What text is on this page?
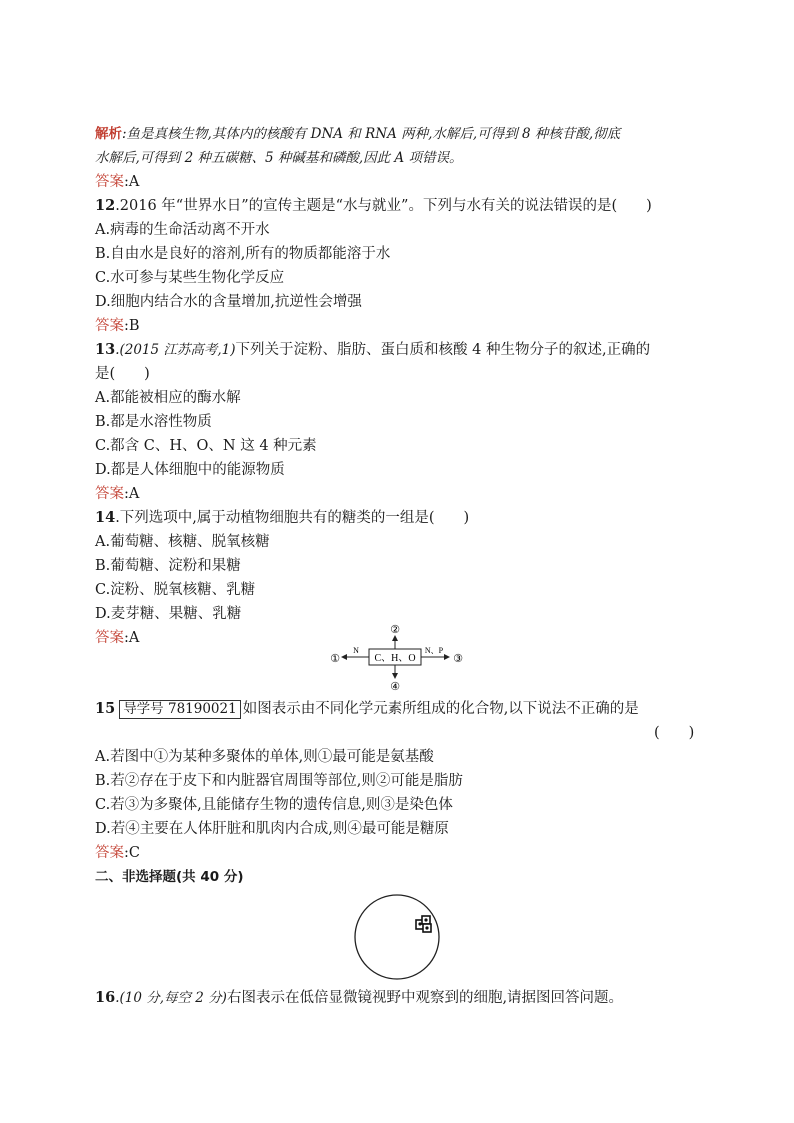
解析:鱼是真核生物,其体内的核酸有 DNA 和 RNA 两种,水解后,可得到 8 种核苷酸,彻底
水解后,可得到 2 种五碳糖、5 种碱基和磷酸,因此 A 项错误。
答案:A
12.2016 年“世界水日”的宣传主题是“水与就业”。下列与水有关的说法错误的是(　　)
A.病毒的生命活动离不开水
B.自由水是良好的溶剂,所有的物质都能溶于水
C.水可参与某些生物化学反应
D.细胞内结合水的含量增加,抗逆性会增强
答案:B
13.(2015 江苏高考,1)下列关于淀粉、脂肪、蛋白质和核酸 4 种生物分子的叙述,正确的
是(　　)
A.都能被相应的酶水解
B.都是水溶性物质
C.都含 C、H、O、N 这 4 种元素
D.都是人体细胞中的能源物质
答案:A
14.下列选项中,属于动植物细胞共有的糖类的一组是(　　)
A.葡萄糖、核糖、脱氧核糖
B.葡萄糖、淀粉和果糖
C.淀粉、脱氧核糖、乳糖
D.麦芽糖、果糖、乳糖
答案:A
C、H、O
N
①
②
N、P
③
④
15 导学号 78190021 如图表示由不同化学元素所组成的化合物,以下说法不正确的是
(　　)
A.若图中①为某种多聚体的单体,则①最可能是氨基酸
B.若②存在于皮下和内脏器官周围等部位,则②可能是脂肪
C.若③为多聚体,且能储存生物的遗传信息,则③是染色体
D.若④主要在人体肝脏和肌肉内合成,则④最可能是糖原
答案:C
二、非选择题(共 40 分)
16.(10 分,每空 2 分)右图表示在低倍显微镜视野中观察到的细胞,请据图回答问题。
